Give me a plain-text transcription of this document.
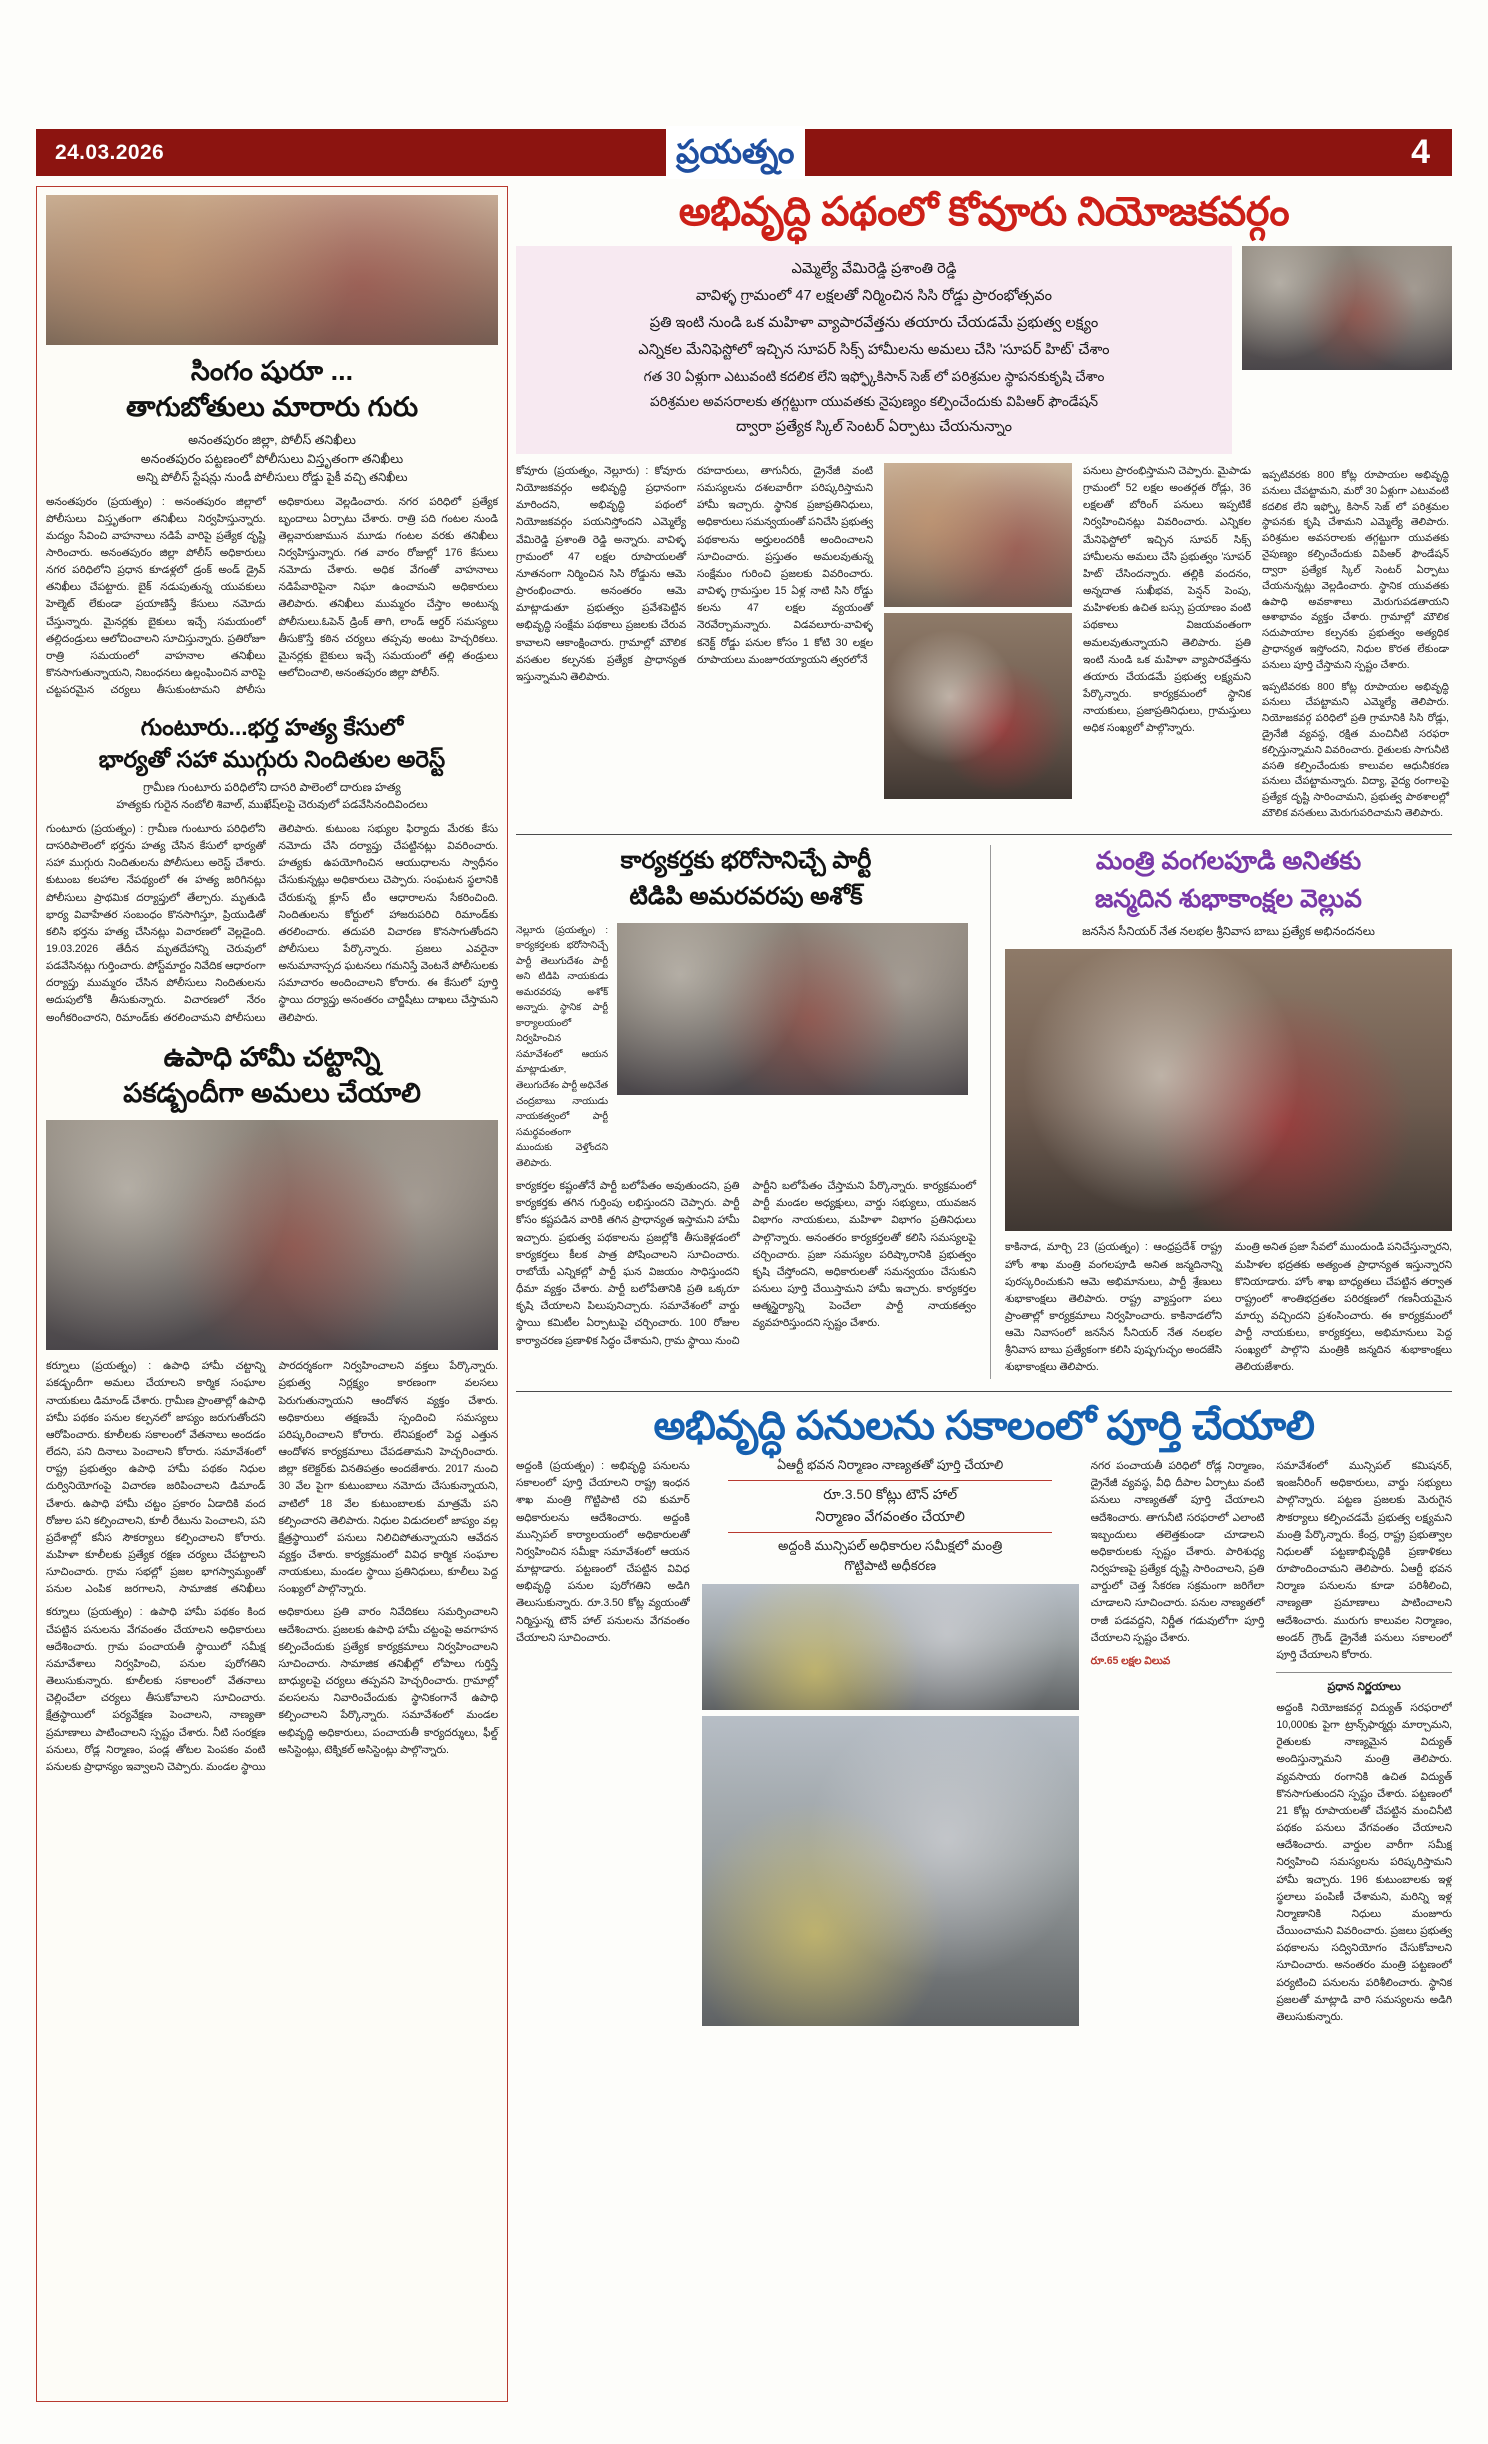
24.03.2026	ప్రయత్నం	4
సింగం షురూ ...
తాగుబోతులు మారారు గురు
అనంతపురం జిల్లా, పోలీస్ తనిఖీలు
అనంతపురం పట్టణంలో పోలీసులు విస్తృతంగా తనిఖీలు
అన్ని పోలీస్ స్టేషన్లు నుండీ పోలీసులు రోడ్డు పైకీ వచ్చి తనిఖీలు
అనంతపురం (ప్రయత్నం) : అనంతపురం జిల్లాలో పోలీసులు విస్తృతంగా తనిఖీలు నిర్వహిస్తున్నారు. మద్యం సేవించి వాహనాలు నడిపే వారిపై ప్రత్యేక దృష్టి సారించారు. అనంతపురం జిల్లా పోలీస్ అధికారులు నగర పరిధిలోని ప్రధాన కూడళ్లలో డ్రంక్ అండ్ డ్రైవ్ తనిఖీలు చేపట్టారు. బైక్ నడుపుతున్న యువకులు హెల్మెట్ లేకుండా ప్రయాణిస్తే కేసులు నమోదు చేస్తున్నారు. మైనర్లకు బైకులు ఇచ్చే సమయంలో తల్లిదండ్రులు ఆలోచించాలని సూచిస్తున్నారు. ప్రతిరోజూ రాత్రి సమయంలో వాహనాల తనిఖీలు కొనసాగుతున్నాయని, నిబంధనలు ఉల్లంఘించిన వారిపై చట్టపరమైన చర్యలు తీసుకుంటామని పోలీసు అధికారులు వెల్లడించారు. నగర పరిధిలో ప్రత్యేక బృందాలు ఏర్పాటు చేశారు. రాత్రి పది గంటల నుండి తెల్లవారుజామున మూడు గంటల వరకు తనిఖీలు నిర్వహిస్తున్నారు. గత వారం రోజుల్లో 176 కేసులు నమోదు చేశారు. అధిక వేగంతో వాహనాలు నడిపేవారిపైనా నిఘా ఉంచామని అధికారులు తెలిపారు. తనిఖీలు ముమ్మరం చేస్తాం అంటున్న పోలీసులు.ఓపెన్ డ్రింక్ తాగి, లాండ్ ఆర్డర్ సమస్యలు తీసుకొస్తే కఠిన చర్యలు తప్పవు అంటు హెచ్చరికలు. మైనర్లకు బైకులు ఇచ్చే సమయంలో తల్లి తండ్రులు ఆలోచించాలి, అనంతపురం జిల్లా పోలీస్.
గుంటూరు...భర్త హత్య కేసులో
భార్యతో సహా ముగ్గురు నిందితుల అరెస్ట్
గ్రామీణ గుంటూరు పరిధిలోని దాసరి పాలెంలో దారుణ హత్య
హత్యకు గురైన నంబోలి శివాల్, ముఖేష్‌లపై చెరువులో పడవేసినందివిందలు
గుంటూరు (ప్రయత్నం) : గ్రామీణ గుంటూరు పరిధిలోని దాసరిపాలెంలో భర్తను హత్య చేసిన కేసులో భార్యతో సహా ముగ్గురు నిందితులను పోలీసులు అరెస్ట్ చేశారు. కుటుంబ కలహాల నేపథ్యంలో ఈ హత్య జరిగినట్లు పోలీసులు ప్రాథమిక దర్యాప్తులో తేల్చారు. మృతుడి భార్య వివాహేతర సంబంధం కొనసాగిస్తూ, ప్రియుడితో కలిసి భర్తను హత్య చేసినట్లు విచారణలో వెల్లడైంది. 19.03.2026 తేదీన మృతదేహాన్ని చెరువులో పడవేసినట్లు గుర్తించారు. పోస్ట్‌మార్టం నివేదిక ఆధారంగా దర్యాప్తు ముమ్మరం చేసిన పోలీసులు నిందితులను అదుపులోకి తీసుకున్నారు. విచారణలో నేరం అంగీకరించారని, రిమాండ్‌కు తరలించామని పోలీసులు తెలిపారు. కుటుంబ సభ్యుల ఫిర్యాదు మేరకు కేసు నమోదు చేసి దర్యాప్తు చేపట్టినట్లు వివరించారు. హత్యకు ఉపయోగించిన ఆయుధాలను స్వాధీనం చేసుకున్నట్లు అధికారులు చెప్పారు. సంఘటన స్థలానికి చేరుకున్న క్లూస్ టీం ఆధారాలను సేకరించింది. నిందితులను కోర్టులో హాజరుపరిచి రిమాండ్‌కు తరలించారు. తదుపరి విచారణ కొనసాగుతోందని పోలీసులు పేర్కొన్నారు. ప్రజలు ఎవరైనా అనుమానాస్పద ఘటనలు గమనిస్తే వెంటనే పోలీసులకు సమాచారం అందించాలని కోరారు. ఈ కేసులో పూర్తి స్థాయి దర్యాప్తు అనంతరం చార్జిషీటు దాఖలు చేస్తామని తెలిపారు.
ఉపాధి హామీ చట్టాన్ని
పకడ్బందీగా అమలు చేయాలి
కర్నూలు (ప్రయత్నం) : ఉపాధి హామీ చట్టాన్ని పకడ్బందీగా అమలు చేయాలని కార్మిక సంఘాల నాయకులు డిమాండ్ చేశారు. గ్రామీణ ప్రాంతాల్లో ఉపాధి హామీ పథకం పనుల కల్పనలో జాప్యం జరుగుతోందని ఆరోపించారు. కూలీలకు సకాలంలో వేతనాలు అందడం లేదని, పని దినాలు పెంచాలని కోరారు. సమావేశంలో రాష్ట్ర ప్రభుత్వం ఉపాధి హామీ పథకం నిధుల దుర్వినియోగంపై విచారణ జరిపించాలని డిమాండ్ చేశారు. ఉపాధి హామీ చట్టం ప్రకారం ఏడాదికి వంద రోజుల పని కల్పించాలని, కూలీ రేటును పెంచాలని, పని ప్రదేశాల్లో కనీస సౌకర్యాలు కల్పించాలని కోరారు. మహిళా కూలీలకు ప్రత్యేక రక్షణ చర్యలు చేపట్టాలని సూచించారు. గ్రామ సభల్లో ప్రజల భాగస్వామ్యంతో పనుల ఎంపిక జరగాలని, సామాజిక తనిఖీలు పారదర్శకంగా నిర్వహించాలని వక్తలు పేర్కొన్నారు. ప్రభుత్వ నిర్లక్ష్యం కారణంగా వలసలు పెరుగుతున్నాయని ఆందోళన వ్యక్తం చేశారు. అధికారులు తక్షణమే స్పందించి సమస్యలు పరిష్కరించాలని కోరారు. లేనిపక్షంలో పెద్ద ఎత్తున ఆందోళన కార్యక్రమాలు చేపడతామని హెచ్చరించారు. జిల్లా కలెక్టర్‌కు వినతిపత్రం అందజేశారు. 2017 నుంచి 30 వేల పైగా కుటుంబాలు నమోదు చేసుకున్నాయని, వాటిలో 18 వేల కుటుంబాలకు మాత్రమే పని కల్పించారని తెలిపారు. నిధుల విడుదలలో జాప్యం వల్ల క్షేత్రస్థాయిలో పనులు నిలిచిపోతున్నాయని ఆవేదన వ్యక్తం చేశారు. కార్యక్రమంలో వివిధ కార్మిక సంఘాల నాయకులు, మండల స్థాయి ప్రతినిధులు, కూలీలు పెద్ద సంఖ్యలో పాల్గొన్నారు.
కర్నూలు (ప్రయత్నం) : ఉపాధి హామీ పథకం కింద చేపట్టిన పనులను వేగవంతం చేయాలని అధికారులు ఆదేశించారు. గ్రామ పంచాయతీ స్థాయిలో సమీక్ష సమావేశాలు నిర్వహించి, పనుల పురోగతిని తెలుసుకున్నారు. కూలీలకు సకాలంలో వేతనాలు చెల్లించేలా చర్యలు తీసుకోవాలని సూచించారు. క్షేత్రస్థాయిలో పర్యవేక్షణ పెంచాలని, నాణ్యతా ప్రమాణాలు పాటించాలని స్పష్టం చేశారు. నీటి సంరక్షణ పనులు, రోడ్ల నిర్మాణం, పండ్ల తోటల పెంపకం వంటి పనులకు ప్రాధాన్యం ఇవ్వాలని చెప్పారు. మండల స్థాయి అధికారులు ప్రతి వారం నివేదికలు సమర్పించాలని ఆదేశించారు. ప్రజలకు ఉపాధి హామీ చట్టంపై అవగాహన కల్పించేందుకు ప్రత్యేక కార్యక్రమాలు నిర్వహించాలని సూచించారు. సామాజిక తనిఖీల్లో లోపాలు గుర్తిస్తే బాధ్యులపై చర్యలు తప్పవని హెచ్చరించారు. గ్రామాల్లో వలసలను నివారించేందుకు స్థానికంగానే ఉపాధి కల్పించాలని పేర్కొన్నారు. సమావేశంలో మండల అభివృద్ధి అధికారులు, పంచాయతీ కార్యదర్శులు, ఫీల్డ్ అసిస్టెంట్లు, టెక్నికల్ అసిస్టెంట్లు పాల్గొన్నారు.
అభివృద్ధి పథంలో కోవూరు నియోజకవర్గం
ఎమ్మెల్యే వేమిరెడ్డి ప్రశాంతి రెడ్డి
వావిళ్ళ గ్రామంలో 47 లక్షలతో నిర్మించిన సిసి రోడ్డు ప్రారంభోత్సవం
ప్రతి ఇంటి నుండి ఒక మహిళా వ్యాపారవేత్తను తయారు చేయడమే ప్రభుత్వ లక్ష్యం
ఎన్నికల మేనిఫెస్టోలో ఇచ్చిన సూపర్ సిక్స్ హామీలను అమలు చేసి 'సూపర్ హిట్' చేశాం
గత 30 ఏళ్లుగా ఎటువంటి కదలిక లేని ఇఫ్ఫ్కోకిసాన్ సెజ్ లో పరిశ్రమల స్థాపనకుకృషి చేశాం
పరిశ్రమల అవసరాలకు తగ్గట్టుగా యువతకు నైపుణ్యం కల్పించేందుకు విపిఆర్ ఫౌండేషన్
ద్వారా ప్రత్యేక స్కిల్ సెంటర్ ఏర్పాటు చేయనున్నాం
కోవూరు (ప్రయత్నం, నెల్లూరు) : కోవూరు నియోజకవర్గం అభివృద్ధి ప్రధానంగా మారిందని, అభివృద్ధి పథంలో నియోజకవర్గం పయనిస్తోందని ఎమ్మెల్యే వేమిరెడ్డి ప్రశాంతి రెడ్డి అన్నారు. వావిళ్ళ గ్రామంలో 47 లక్షల రూపాయలతో నూతనంగా నిర్మించిన సిసి రోడ్డును ఆమె ప్రారంభించారు. అనంతరం ఆమె మాట్లాడుతూ ప్రభుత్వం ప్రవేశపెట్టిన అభివృద్ధి సంక్షేమ పథకాలు ప్రజలకు చేరువ కావాలని ఆకాంక్షించారు. గ్రామాల్లో మౌలిక వసతుల కల్పనకు ప్రత్యేక ప్రాధాన్యత ఇస్తున్నామని తెలిపారు.
రహదారులు, తాగునీరు, డ్రైనేజీ వంటి సమస్యలను దశలవారీగా పరిష్కరిస్తామని హామీ ఇచ్చారు. స్థానిక ప్రజాప్రతినిధులు, అధికారులు సమన్వయంతో పనిచేసి ప్రభుత్వ పథకాలను అర్హులందరికీ అందించాలని సూచించారు. ప్రస్తుతం అమలవుతున్న సంక్షేమం గురించి ప్రజలకు వివరించారు. వావిళ్ళ గ్రామస్తుల 15 ఏళ్ల నాటి సిసి రోడ్డు కలను 47 లక్షల వ్యయంతో నెరవేర్చామన్నారు. విడవలూరు-వావిళ్ళ కనెక్ట్ రోడ్డు పనుల కోసం 1 కోటి 30 లక్షల రూపాయలు మంజూరయ్యాయని త్వరలోనే
పనులు ప్రారంభిస్తామని చెప్పారు. మైపాడు గ్రామంలో 52 లక్షల అంతర్గత రోడ్లు, 36 లక్షలతో బోరింగ్ పనులు ఇప్పటికే నిర్వహించినట్లు వివరించారు. ఎన్నికల మేనిఫెస్టోలో ఇచ్చిన సూపర్ సిక్స్ హామీలను అమలు చేసి ప్రభుత్వం 'సూపర్ హిట్' చేసిందన్నారు. తల్లికి వందనం, అన్నదాత సుఖీభవ, పెన్షన్ పెంపు, మహిళలకు ఉచిత బస్సు ప్రయాణం వంటి పథకాలు విజయవంతంగా అమలవుతున్నాయని తెలిపారు. ప్రతి ఇంటి నుండి ఒక మహిళా వ్యాపారవేత్తను తయారు చేయడమే ప్రభుత్వ లక్ష్యమని పేర్కొన్నారు. కార్యక్రమంలో స్థానిక నాయకులు, ప్రజాప్రతినిధులు, గ్రామస్తులు అధిక సంఖ్యలో పాల్గొన్నారు.
ఇప్పటివరకు 800 కోట్ల రూపాయల అభివృద్ధి పనులు చేపట్టామని, మరో 30 ఏళ్లుగా ఎటువంటి కదలిక లేని ఇఫ్ఫ్కో కిసాన్ సెజ్ లో పరిశ్రమల స్థాపనకు కృషి చేశామని ఎమ్మెల్యే తెలిపారు. పరిశ్రమల అవసరాలకు తగ్గట్టుగా యువతకు నైపుణ్యం కల్పించేందుకు విపిఆర్ ఫౌండేషన్ ద్వారా ప్రత్యేక స్కిల్ సెంటర్ ఏర్పాటు చేయనున్నట్లు వెల్లడించారు. స్థానిక యువతకు ఉపాధి అవకాశాలు మెరుగుపడతాయని ఆశాభావం వ్యక్తం చేశారు. గ్రామాల్లో మౌలిక సదుపాయాల కల్పనకు ప్రభుత్వం అత్యధిక ప్రాధాన్యత ఇస్తోందని, నిధుల కొరత లేకుండా పనులు పూర్తి చేస్తామని స్పష్టం చేశారు.
ఇప్పటివరకు 800 కోట్ల రూపాయల అభివృద్ధి పనులు చేపట్టామని ఎమ్మెల్యే తెలిపారు. నియోజకవర్గ పరిధిలో ప్రతి గ్రామానికి సిసి రోడ్లు, డ్రైనేజీ వ్యవస్థ, రక్షిత మంచినీటి సరఫరా కల్పిస్తున్నామని వివరించారు. రైతులకు సాగునీటి వసతి కల్పించేందుకు కాలువల ఆధునీకరణ పనులు చేపట్టామన్నారు. విద్యా, వైద్య రంగాలపై ప్రత్యేక దృష్టి సారించామని, ప్రభుత్వ పాఠశాలల్లో మౌలిక వసతులు మెరుగుపరిచామని తెలిపారు.
కార్యకర్తకు భరోసానిచ్చే పార్టీ
టిడిపి అమరవరపు అశోక్
నెల్లూరు (ప్రయత్నం) : కార్యకర్తలకు భరోసానిచ్చే పార్టీ తెలుగుదేశం పార్టీ అని టిడిపి నాయకుడు అమరవరపు అశోక్ అన్నారు. స్థానిక పార్టీ కార్యాలయంలో నిర్వహించిన సమావేశంలో ఆయన మాట్లాడుతూ, తెలుగుదేశం పార్టీ అధినేత చంద్రబాబు నాయుడు నాయకత్వంలో పార్టీ సమర్థవంతంగా ముందుకు వెళ్తోందని తెలిపారు.
కార్యకర్తల కష్టంతోనే పార్టీ బలోపేతం అవుతుందని, ప్రతి కార్యకర్తకు తగిన గుర్తింపు లభిస్తుందని చెప్పారు. పార్టీ కోసం కష్టపడిన వారికి తగిన ప్రాధాన్యత ఇస్తామని హామీ ఇచ్చారు. ప్రభుత్వ పథకాలను ప్రజల్లోకి తీసుకెళ్లడంలో కార్యకర్తలు కీలక పాత్ర పోషించాలని సూచించారు. రాబోయే ఎన్నికల్లో పార్టీ ఘన విజయం సాధిస్తుందని ధీమా వ్యక్తం చేశారు. పార్టీ బలోపేతానికి ప్రతి ఒక్కరూ కృషి చేయాలని పిలుపునిచ్చారు. సమావేశంలో వార్డు స్థాయి కమిటీల ఏర్పాటుపై చర్చించారు. 100 రోజుల కార్యాచరణ ప్రణాళిక సిద్ధం చేశామని, గ్రామ స్థాయి నుంచి పార్టీని బలోపేతం చేస్తామని పేర్కొన్నారు. కార్యక్రమంలో పార్టీ మండల అధ్యక్షులు, వార్డు సభ్యులు, యువజన విభాగం నాయకులు, మహిళా విభాగం ప్రతినిధులు పాల్గొన్నారు. అనంతరం కార్యకర్తలతో కలిసి సమస్యలపై చర్చించారు. ప్రజా సమస్యల పరిష్కారానికి ప్రభుత్వం కృషి చేస్తోందని, అధికారులతో సమన్వయం చేసుకుని పనులు పూర్తి చేయిస్తామని హామీ ఇచ్చారు. కార్యకర్తల ఆత్మస్థైర్యాన్ని పెంచేలా పార్టీ నాయకత్వం వ్యవహరిస్తుందని స్పష్టం చేశారు.
మంత్రి వంగలపూడి అనితకు
జన్మదిన శుభాకాంక్షల వెల్లువ
జనసేన సీనియర్ నేత నలభల శ్రీనివాస బాబు ప్రత్యేక అభినందనలు
కాకినాడ, మార్చి 23 (ప్రయత్నం) : ఆంధ్రప్రదేశ్ రాష్ట్ర హోం శాఖ మంత్రి వంగలపూడి అనిత జన్మదినాన్ని పురస్కరించుకుని ఆమె అభిమానులు, పార్టీ శ్రేణులు శుభాకాంక్షలు తెలిపారు. రాష్ట్ర వ్యాప్తంగా పలు ప్రాంతాల్లో కార్యక్రమాలు నిర్వహించారు. కాకినాడలోని ఆమె నివాసంలో జనసేన సీనియర్ నేత నలభల శ్రీనివాస బాబు ప్రత్యేకంగా కలిసి పుష్పగుచ్ఛం అందజేసి శుభాకాంక్షలు తెలిపారు.
మంత్రి అనిత ప్రజా సేవలో ముందుండి పనిచేస్తున్నారని, మహిళల భద్రతకు అత్యంత ప్రాధాన్యత ఇస్తున్నారని కొనియాడారు. హోం శాఖ బాధ్యతలు చేపట్టిన తర్వాత రాష్ట్రంలో శాంతిభద్రతల పరిరక్షణలో గణనీయమైన మార్పు వచ్చిందని ప్రశంసించారు. ఈ కార్యక్రమంలో పార్టీ నాయకులు, కార్యకర్తలు, అభిమానులు పెద్ద సంఖ్యలో పాల్గొని మంత్రికి జన్మదిన శుభాకాంక్షలు తెలియజేశారు.
అభివృద్ధి పనులను సకాలంలో పూర్తి చేయాలి
అద్దంకి (ప్రయత్నం) : అభివృద్ధి పనులను సకాలంలో పూర్తి చేయాలని రాష్ట్ర ఇంధన శాఖ మంత్రి గొట్టిపాటి రవి కుమార్ అధికారులను ఆదేశించారు. అద్దంకి మున్సిపల్ కార్యాలయంలో అధికారులతో నిర్వహించిన సమీక్షా సమావేశంలో ఆయన మాట్లాడారు. పట్టణంలో చేపట్టిన వివిధ అభివృద్ధి పనుల పురోగతిని అడిగి తెలుసుకున్నారు. రూ.3.50 కోట్ల వ్యయంతో నిర్మిస్తున్న టౌన్ హాల్ పనులను వేగవంతం చేయాలని సూచించారు.
ఏఆర్టీ భవన నిర్మాణం నాణ్యతతో పూర్తి చేయాలి
రూ.3.50 కోట్లు టౌన్ హాల్
నిర్మాణం వేగవంతం చేయాలి
అద్దంకి మున్సిపల్ అధికారుల సమీక్షలో మంత్రి
గొట్టిపాటి అధీకరణ
నగర పంచాయతీ పరిధిలో రోడ్ల నిర్మాణం, డ్రైనేజీ వ్యవస్థ, వీధి దీపాల ఏర్పాటు వంటి పనులు నాణ్యతతో పూర్తి చేయాలని ఆదేశించారు. తాగునీటి సరఫరాలో ఎలాంటి ఇబ్బందులు తలెత్తకుండా చూడాలని అధికారులకు స్పష్టం చేశారు. పారిశుధ్య నిర్వహణపై ప్రత్యేక దృష్టి సారించాలని, ప్రతి వార్డులో చెత్త సేకరణ సక్రమంగా జరిగేలా చూడాలని సూచించారు. పనుల నాణ్యతలో రాజీ పడవద్దని, నిర్ణీత గడువులోగా పూర్తి చేయాలని స్పష్టం చేశారు.
రూ.65 లక్షల విలువ
సమావేశంలో మున్సిపల్ కమిషనర్, ఇంజనీరింగ్ అధికారులు, వార్డు సభ్యులు పాల్గొన్నారు. పట్టణ ప్రజలకు మెరుగైన సౌకర్యాలు కల్పించడమే ప్రభుత్వ లక్ష్యమని మంత్రి పేర్కొన్నారు. కేంద్ర, రాష్ట్ర ప్రభుత్వాల నిధులతో పట్టణాభివృద్ధికి ప్రణాళికలు రూపొందించామని తెలిపారు. ఏఆర్టీ భవన నిర్మాణ పనులను కూడా పరిశీలించి, నాణ్యతా ప్రమాణాలు పాటించాలని ఆదేశించారు. మురుగు కాలువల నిర్మాణం, అండర్ గ్రౌండ్ డ్రైనేజీ పనులు సకాలంలో పూర్తి చేయాలని కోరారు.
ప్రధాన నిర్ణయాలు
అద్దంకి నియోజకవర్గ విద్యుత్ సరఫరాలో 10,000కు పైగా ట్రాన్స్‌ఫార్మర్లు మార్చామని, రైతులకు నాణ్యమైన విద్యుత్ అందిస్తున్నామని మంత్రి తెలిపారు. వ్యవసాయ రంగానికి ఉచిత విద్యుత్ కొనసాగుతుందని స్పష్టం చేశారు. పట్టణంలో 21 కోట్ల రూపాయలతో చేపట్టిన మంచినీటి పథకం పనులు వేగవంతం చేయాలని ఆదేశించారు. వార్డుల వారీగా సమీక్ష నిర్వహించి సమస్యలను పరిష్కరిస్తామని హామీ ఇచ్చారు. 196 కుటుంబాలకు ఇళ్ల స్థలాలు పంపిణీ చేశామని, మరిన్ని ఇళ్ల నిర్మాణానికి నిధులు మంజూరు చేయించామని వివరించారు. ప్రజలు ప్రభుత్వ పథకాలను సద్వినియోగం చేసుకోవాలని సూచించారు. అనంతరం మంత్రి పట్టణంలో పర్యటించి పనులను పరిశీలించారు. స్థానిక ప్రజలతో మాట్లాడి వారి సమస్యలను అడిగి తెలుసుకున్నారు.
